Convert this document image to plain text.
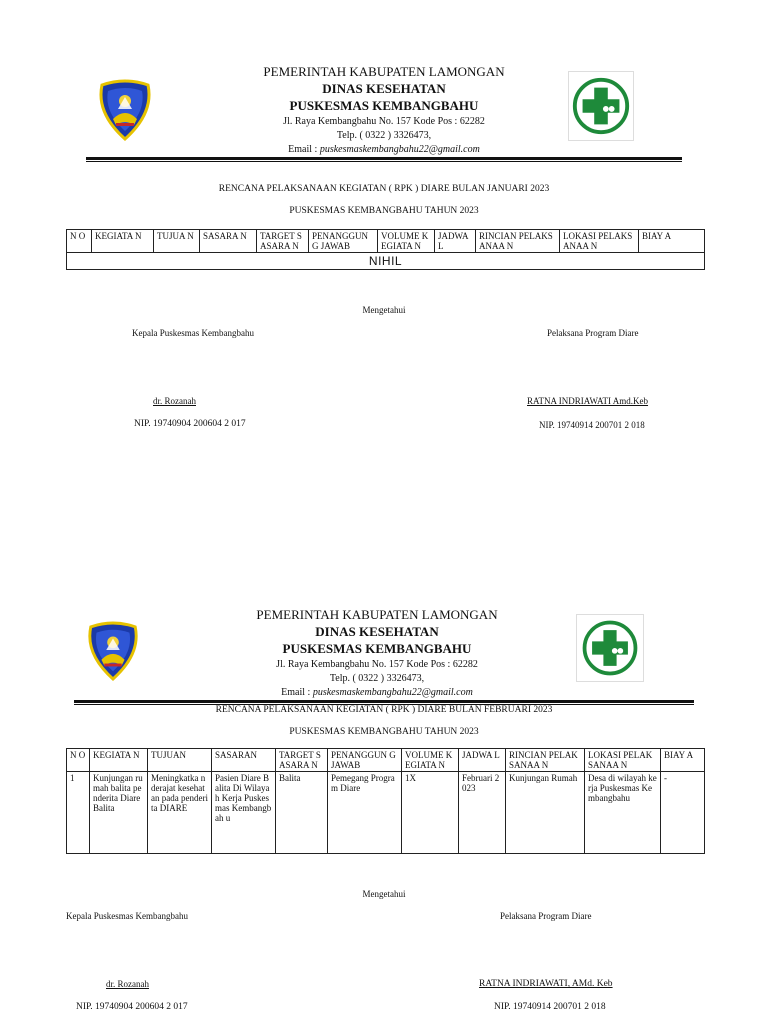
PEMERINTAH KABUPATEN LAMONGAN
DINAS KESEHATAN
PUSKESMAS KEMBANGBAHU
Jl. Raya Kembangbahu No. 157 Kode Pos : 62282
Telp. ( 0322 ) 3326473,
Email : puskesmaskembangbahu22@gmail.com
RENCANA PELAKSANAAN KEGIATAN ( RPK ) DIARE BULAN JANUARI 2023
PUSKESMAS KEMBANGBAHU TAHUN 2023
N O	KEGIATA N	TUJUA N	SASARA N	TARGET SASARA N	PENANGGUN G JAWAB	VOLUME KEGIATA N	JADWA L	RINCIAN PELAKSANAA N	LOKASI PELAKSANAA N	BIAY A
NIHIL
Mengetahui
Kepala Puskesmas Kembangbahu	Pelaksana Program Diare
dr. Rozanah	RATNA INDRIAWATI Amd.Keb
NIP. 19740904 200604 2 017	NIP. 19740914 200701 2 018
PEMERINTAH KABUPATEN LAMONGAN
DINAS KESEHATAN
PUSKESMAS KEMBANGBAHU
Jl. Raya Kembangbahu No. 157 Kode Pos : 62282
Telp. ( 0322 ) 3326473,
Email : puskesmaskembangbahu22@gmail.com
RENCANA PELAKSANAAN KEGIATAN ( RPK ) DIARE BULAN FEBRUARI 2023
PUSKESMAS KEMBANGBAHU TAHUN 2023
N O	KEGIATA N	TUJUAN	SASARAN	TARGET SASARA N	PENANGGUN G JAWAB	VOLUME KEGIATA N	JADWA L	RINCIAN PELAKSANAA N	LOKASI PELAKSANAA N	BIAY A
1	Kunjungan rumah balita penderita Diare Balita	Meningkatka n derajat kesehatan pada penderita DIARE	Pasien Diare Balita Di Wilayah Kerja Puskesmas Kembangbah u	Balita	Pemegang Program Diare	1X	Februari 2023	Kunjungan Rumah	Desa di wilayah kerja Puskesmas Kembangbahu	-
Mengetahui
Kepala Puskesmas Kembangbahu	Pelaksana Program Diare
dr. Rozanah	RATNA INDRIAWATI, AMd. Keb
NIP. 19740904 200604 2 017	NIP. 19740914 200701 2 018
